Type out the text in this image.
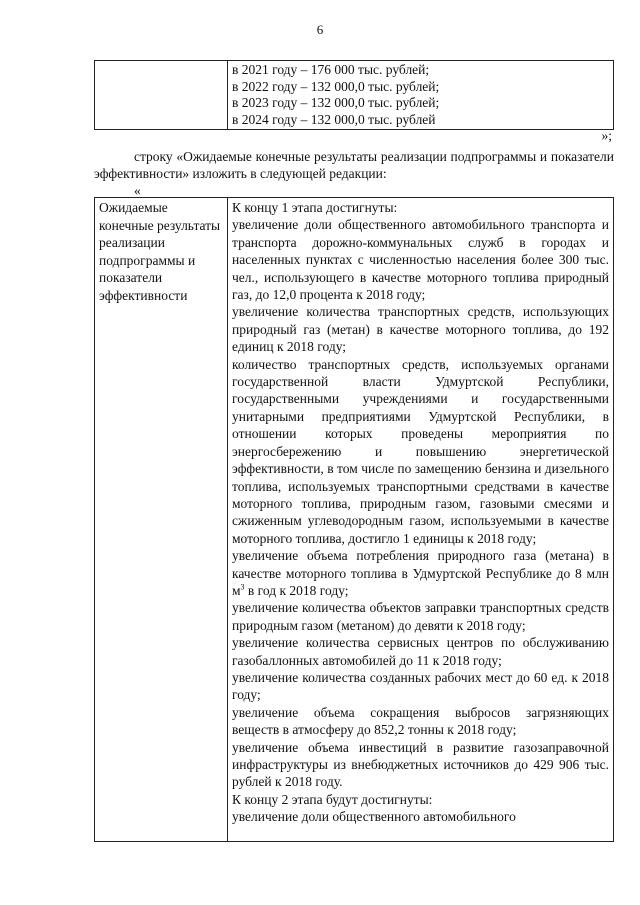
6

в 2021 году – 176 000 тыс. рублей;
в 2022 году – 132 000,0 тыс. рублей;
в 2023 году – 132 000,0 тыс. рублей;
в 2024 году – 132 000,0 тыс. рублей
»;
строку «Ожидаемые конечные результаты реализации подпрограммы и показатели эффективности» изложить в следующей редакции:
«
Ожидаемые конечные результаты реализации подпрограммы и показатели эффективности	
К концу 1 этапа достигнуты:
увеличение доли общественного автомобильного транспорта и транспорта дорожно-коммунальных служб в городах и населенных пунктах с численностью населения более 300 тыс. чел., использующего в качестве моторного топлива природный газ, до 12,0 процента к 2018 году;
увеличение количества транспортных средств, использующих природный газ (метан) в качестве моторного топлива, до 192 единиц к 2018 году;
количество транспортных средств, используемых органами государственной власти Удмуртской Республики, государственными учреждениями и государственными унитарными предприятиями Удмуртской Республики, в отношении которых проведены мероприятия по энергосбережению и повышению энергетической эффективности, в том числе по замещению бензина и дизельного топлива, используемых транспортными средствами в качестве моторного топлива, природным газом, газовыми смесями и сжиженным углеводородным газом, используемыми в качестве моторного топлива, достигло 1 единицы к 2018 году;
увеличение объема потребления природного газа (метана) в качестве моторного топлива в Удмуртской Республике до 8 млн $м^3$ в год к 2018 году;
увеличение количества объектов заправки транспортных средств природным газом (метаном) до девяти к 2018 году;
увеличение количества сервисных центров по обслуживанию газобаллонных автомобилей до 11 к 2018 году;
увеличение количества созданных рабочих мест до 60 ед. к 2018 году;
увеличение объема сокращения выбросов загрязняющих веществ в атмосферу до 852,2 тонны к 2018 году;
увеличение объема инвестиций в развитие газозаправочной инфраструктуры из внебюджетных источников до 429 906 тыс. рублей к 2018 году.
К концу 2 этапа будут достигнуты:
увеличение доли общественного автомобильного
